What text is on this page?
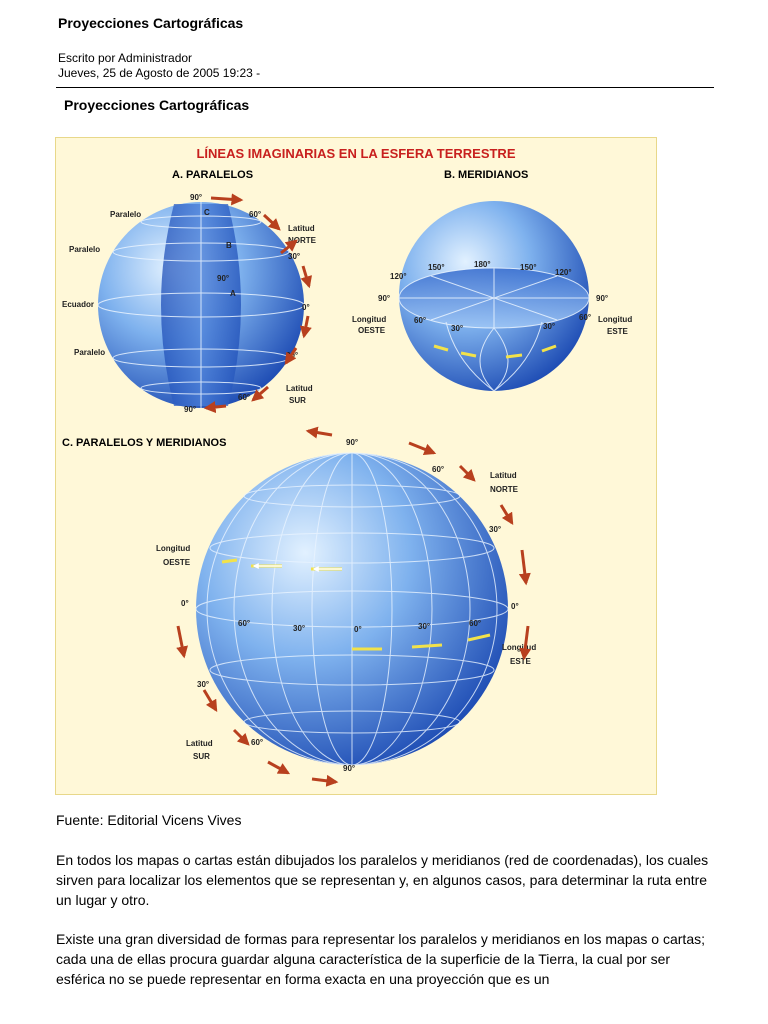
Proyecciones Cartográficas
Escrito por Administrador
Jueves, 25 de Agosto de 2005 19:23 -
Proyecciones Cartográficas
LÍNEAS IMAGINARIAS EN LA ESFERA TERRESTRE
A. PARALELOS
Paralelo
Paralelo
Ecuador
Paralelo
90°
60°
30°
0°
30°
60°
90°
Latitud
NORTE
Latitud
SUR
C
B
90°
A
B. MERIDIANOS
120°
150°	180°	150°
120°
90°	90°
60°
30°	30°
60°
Longitud
OESTE
Longitud
ESTE
C. PARALELOS Y MERIDIANOS	90°
60°
Latitud
NORTE
30°
Longitud
OESTE
0°	0°
60°
30°	0°	30°	60°
Longitud
ESTE
30°
Latitud
SUR
60°
90°
Fuente: Editorial Vicens Vives
En todos los mapas o cartas están dibujados los paralelos y meridianos (red de coordenadas), los cuales sirven para localizar los elementos que se representan y, en algunos casos, para determinar la ruta entre un lugar y otro.
Existe una gran diversidad de formas para representar los paralelos y meridianos en los mapas o cartas; cada una de ellas procura guardar alguna característica de la superficie de la Tierra, la cual por ser esférica no se puede representar en forma exacta en una proyección que es un
